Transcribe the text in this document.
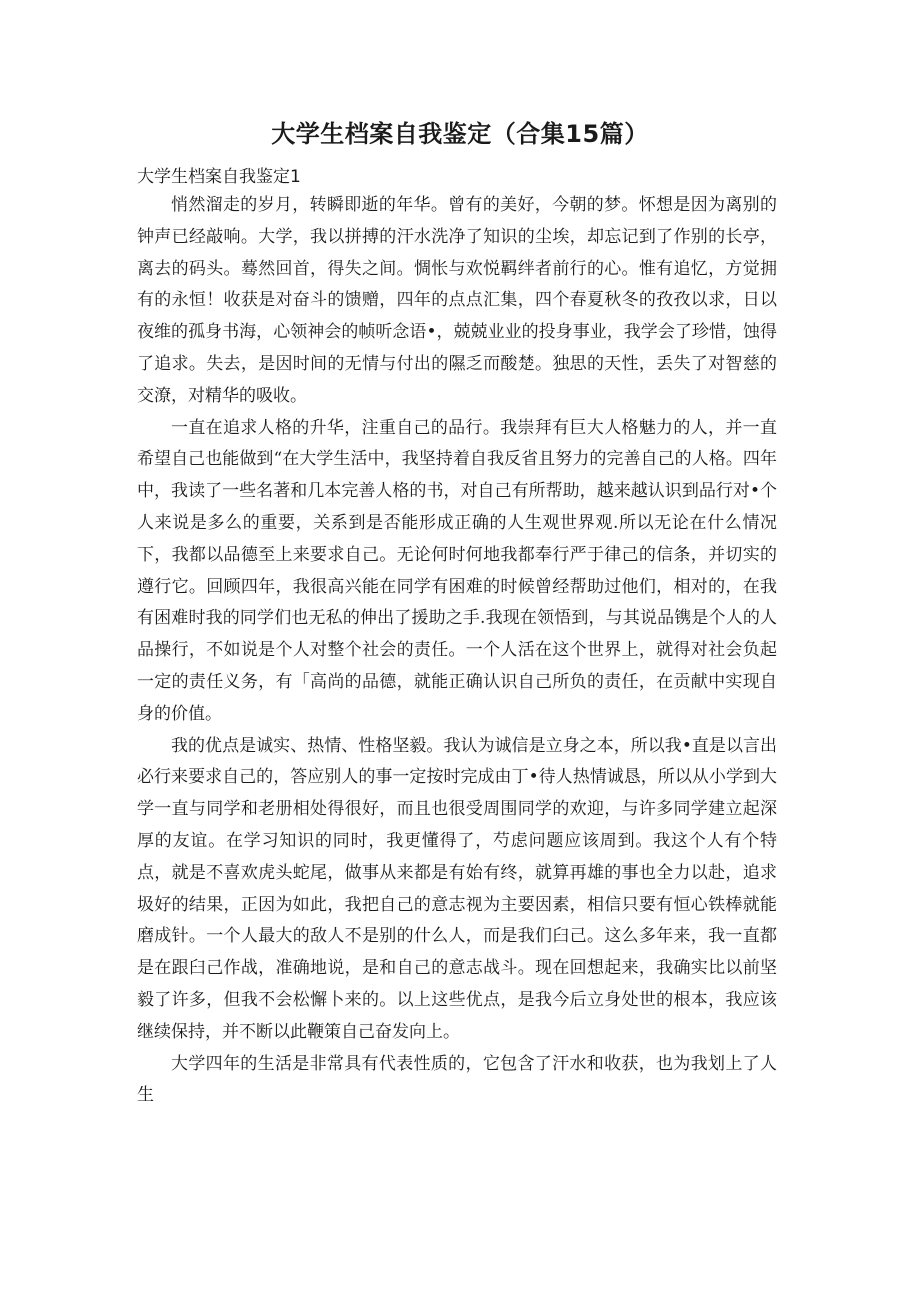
大学生档案自我鉴定（合集15篇）
大学生档案自我鉴定1

悄然溜走的岁月，转瞬即逝的年华。曾有的美好，今朝的梦。怀想是因为离别的钟声已经敲响。大学，我以拼搏的汗水洗净了知识的尘埃，却忘记到了作别的长亭，离去的码头。蓦然回首，得失之间。惆怅与欢悦羁绊者前行的心。惟有追忆，方觉拥有的永恒！收获是对奋斗的馈赠，四年的点点汇集，四个春夏秋冬的孜孜以求，日以夜维的孤身书海，心领神会的帧听念语•，兢兢业业的投身事业，我学会了珍惜，蚀得了追求。失去，是因时间的无情与付出的隰乏而酸楚。独思的天性，丢失了对智慈的交潦，对精华的吸收。

一直在追求人格的升华，注重自己的品行。我崇拜有巨大人格魅力的人，并一直希望自己也能做到“在大学生活中，我坚持着自我反省且努力的完善自己的人格。四年中，我读了一些名著和几本完善人格的书，对自己有所帮助，越来越认识到品行对•个人来说是多么的重要，关系到是否能形成正确的人生观世界观.所以无论在什么情况下，我都以品德至上来要求自己。无论何时何地我都奉行严于律己的信条，并切实的遵行它。回顾四年，我很高兴能在同学有困难的时候曾经帮助过他们，相对的，在我有困难时我的同学们也无私的伸出了援助之手.我现在领悟到，与其说品镌是个人的人品操行，不如说是个人对整个社会的责任。一个人活在这个世界上，就得对社会负起一定的责任义务，有「高尚的品德，就能正确认识自己所负的责任，在贡献中实现自身的价值。

我的优点是诚实、热情、性格坚毅。我认为诚信是立身之本，所以我•直是以言出必行来要求自己的，答应别人的事一定按时完成由丁•待人热情诚恳，所以从小学到大学一直与同学和老册相处得很好，而且也很受周围同学的欢迎，与许多同学建立起深厚的友谊。在学习知识的同时，我更懂得了，芍虑问题应该周到。我这个人有个特点，就是不喜欢虎头蛇尾，做事从来都是有始有终，就算再雄的事也全力以赴，追求圾好的结果，正因为如此，我把自己的意志视为主要因素，相信只要有恒心铁棒就能磨成针。一个人最大的敌人不是别的什么人，而是我们臼己。这么多年来，我一直都是在跟臼己作战，准确地说，是和自己的意志战斗。现在回想起来，我确实比以前坚毅了许多，但我不会松懈卜来的。以上这些优点，是我今后立身处世的根本，我应该继续保持，并不断以此鞭策自己奋发向上。

大学四年的生活是非常具有代表性质的，它包含了汗水和收获，也为我划上了人生
